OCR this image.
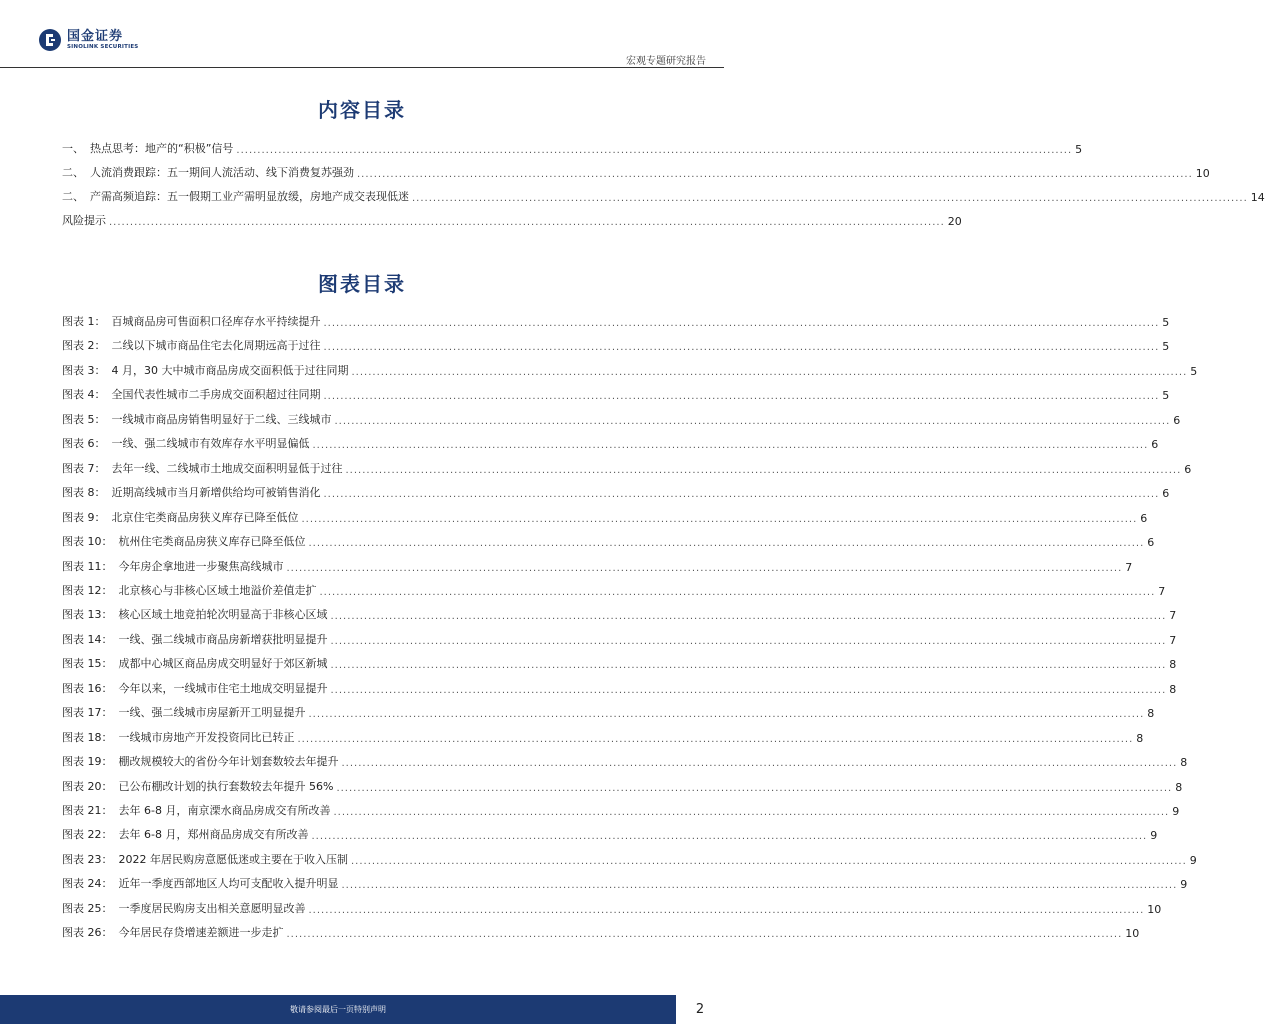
国金证券
SINOLINK SECURITIES
宏观专题研究报告
内容目录
一、 热点思考：地产的“积极”信号 ........................................................................................................................................................................................................ 5
二、 人流消费跟踪：五一期间人流活动、线下消费复苏强劲 ........................................................................................................................................................................................................ 10
二、 产需高频追踪：五一假期工业产需明显放缓，房地产成交表现低迷 ........................................................................................................................................................................................................ 14
风险提示 ........................................................................................................................................................................................................ 20
图表目录
图表 1： 百城商品房可售面积口径库存水平持续提升 ........................................................................................................................................................................................................ 5
图表 2： 二线以下城市商品住宅去化周期远高于过往 ........................................................................................................................................................................................................ 5
图表 3： 4 月，30 大中城市商品房成交面积低于过往同期 ........................................................................................................................................................................................................ 5
图表 4： 全国代表性城市二手房成交面积超过往同期 ........................................................................................................................................................................................................ 5
图表 5： 一线城市商品房销售明显好于二线、三线城市 ........................................................................................................................................................................................................ 6
图表 6： 一线、强二线城市有效库存水平明显偏低 ........................................................................................................................................................................................................ 6
图表 7： 去年一线、二线城市土地成交面积明显低于过往 ........................................................................................................................................................................................................ 6
图表 8： 近期高线城市当月新增供给均可被销售消化 ........................................................................................................................................................................................................ 6
图表 9： 北京住宅类商品房狭义库存已降至低位 ........................................................................................................................................................................................................ 6
图表 10： 杭州住宅类商品房狭义库存已降至低位 ........................................................................................................................................................................................................ 6
图表 11： 今年房企拿地进一步聚焦高线城市 ........................................................................................................................................................................................................ 7
图表 12： 北京核心与非核心区域土地溢价差值走扩 ........................................................................................................................................................................................................ 7
图表 13： 核心区域土地竞拍轮次明显高于非核心区域 ........................................................................................................................................................................................................ 7
图表 14： 一线、强二线城市商品房新增获批明显提升 ........................................................................................................................................................................................................ 7
图表 15： 成都中心城区商品房成交明显好于郊区新城 ........................................................................................................................................................................................................ 8
图表 16： 今年以来，一线城市住宅土地成交明显提升 ........................................................................................................................................................................................................ 8
图表 17： 一线、强二线城市房屋新开工明显提升 ........................................................................................................................................................................................................ 8
图表 18： 一线城市房地产开发投资同比已转正 ........................................................................................................................................................................................................ 8
图表 19： 棚改规模较大的省份今年计划套数较去年提升 ........................................................................................................................................................................................................ 8
图表 20： 已公布棚改计划的执行套数较去年提升 56% ........................................................................................................................................................................................................ 8
图表 21： 去年 6-8 月，南京溧水商品房成交有所改善 ........................................................................................................................................................................................................ 9
图表 22： 去年 6-8 月，郑州商品房成交有所改善 ........................................................................................................................................................................................................ 9
图表 23： 2022 年居民购房意愿低迷或主要在于收入压制 ........................................................................................................................................................................................................ 9
图表 24： 近年一季度西部地区人均可支配收入提升明显 ........................................................................................................................................................................................................ 9
图表 25： 一季度居民购房支出相关意愿明显改善 ........................................................................................................................................................................................................ 10
图表 26： 今年居民存贷增速差额进一步走扩 ........................................................................................................................................................................................................ 10
敬请参阅最后一页特别声明	2
